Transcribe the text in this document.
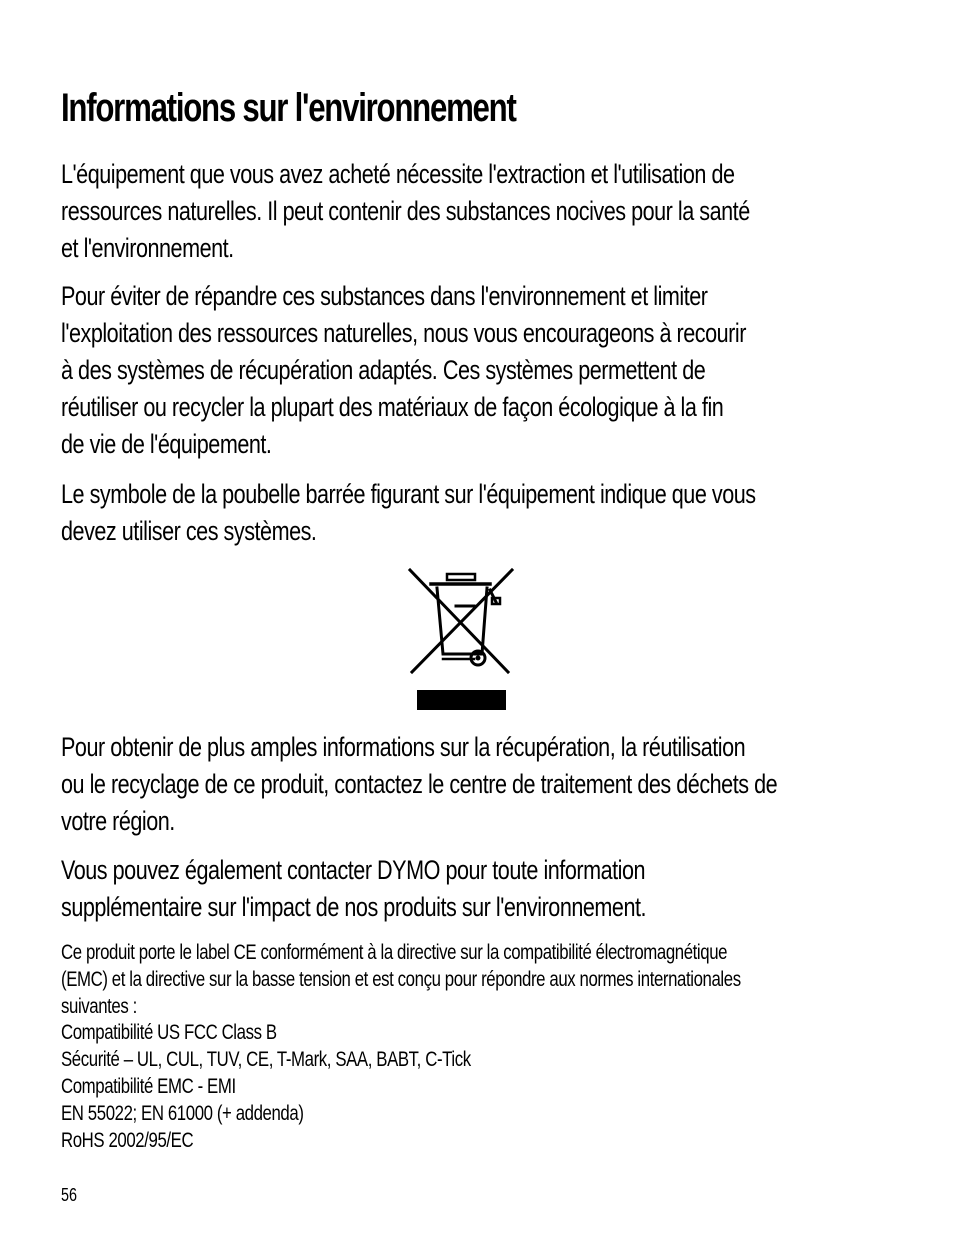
Informations sur l'environnement

L'équipement que vous avez acheté nécessite l'extraction et l'utilisation de
ressources naturelles. Il peut contenir des substances nocives pour la santé
et l'environnement.

Pour éviter de répandre ces substances dans l'environnement et limiter
l'exploitation des ressources naturelles, nous vous encourageons à recourir
à des systèmes de récupération adaptés. Ces systèmes permettent de
réutiliser ou recycler la plupart des matériaux de façon écologique à la fin
de vie de l'équipement.

Le symbole de la poubelle barrée figurant sur l'équipement indique que vous
devez utiliser ces systèmes.

Pour obtenir de plus amples informations sur la récupération, la réutilisation
ou le recyclage de ce produit, contactez le centre de traitement des déchets de
votre région.

Vous pouvez également contacter DYMO pour toute information
supplémentaire sur l'impact de nos produits sur l'environnement.

Ce produit porte le label CE conformément à la directive sur la compatibilité électromagnétique
(EMC) et la directive sur la basse tension et est conçu pour répondre aux normes internationales
suivantes :
Compatibilité US FCC Class B
Sécurité – UL, CUL, TUV, CE, T-Mark, SAA, BABT, C-Tick
Compatibilité EMC - EMI
EN 55022; EN 61000 (+ addenda)
RoHS 2002/95/EC

56
